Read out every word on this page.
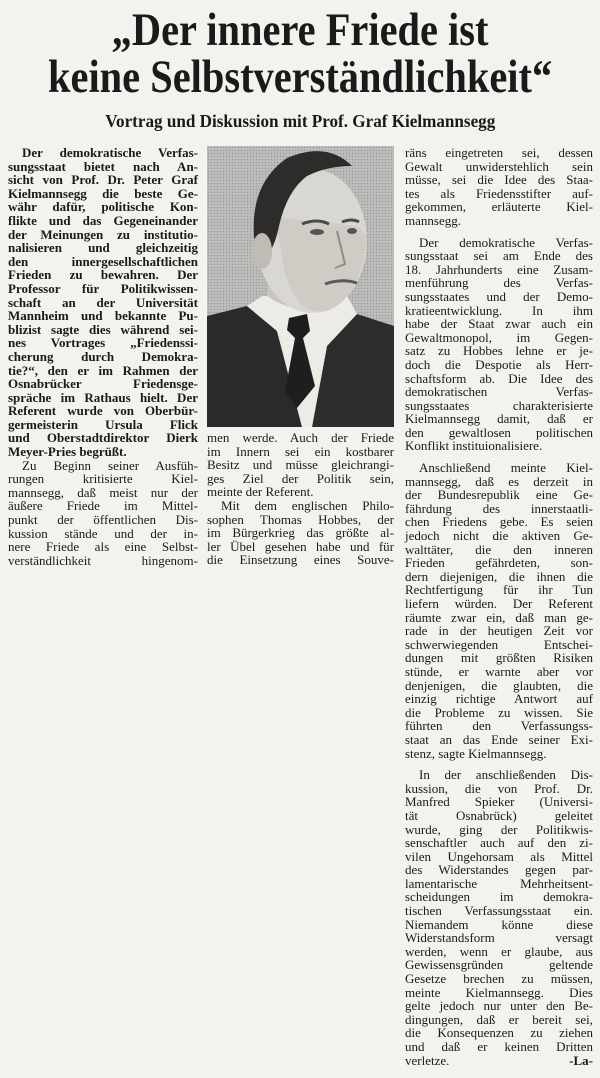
„Der innere Friede ist
keine Selbstverständlichkeit“
Vortrag und Diskussion mit Prof. Graf Kielmannsegg
Der demokratische Verfas-
sungsstaat bietet nach An-
sicht von Prof. Dr. Peter Graf
Kielmannsegg die beste Ge-
währ dafür, politische Kon-
flikte und das Gegeneinander
der Meinungen zu institutio-
nalisieren und gleichzeitig
den innergesellschaftlichen
Frieden zu bewahren. Der
Professor für Politikwissen-
schaft an der Universität
Mannheim und bekannte Pu-
blizist sagte dies während sei-
nes Vortrages „Friedenssi-
cherung durch Demokra-
tie?“, den er im Rahmen der
Osnabrücker Friedensge-
spräche im Rathaus hielt. Der
Referent wurde von Oberbür-
germeisterin Ursula Flick
und Oberstadtdirektor Dierk
Meyer-Pries begrüßt.
Zu Beginn seiner Ausfüh-
rungen kritisierte Kiel-
mannsegg, daß meist nur der
äußere Friede im Mittel-
punkt der öffentlichen Dis-
kussion stände und der in-
nere Friede als eine Selbst-
verständlichkeit hingenom-
men werde. Auch der Friede
im Innern sei ein kostbarer
Besitz und müsse gleichrangi-
ges Ziel der Politik sein,
meinte der Referent.
Mit dem englischen Philo-
sophen Thomas Hobbes, der
im Bürgerkrieg das größte al-
ler Übel gesehen habe und für
die Einsetzung eines Souve-
räns eingetreten sei, dessen
Gewalt unwiderstehlich sein
müsse, sei die Idee des Staa-
tes als Friedensstifter auf-
gekommen, erläuterte Kiel-
mannsegg.
Der demokratische Verfas-
sungsstaat sei am Ende des
18. Jahrhunderts eine Zusam-
menführung des Verfas-
sungsstaates und der Demo-
kratieentwicklung. In ihm
habe der Staat zwar auch ein
Gewaltmonopol, im Gegen-
satz zu Hobbes lehne er je-
doch die Despotie als Herr-
schaftsform ab. Die Idee des
demokratischen Verfas-
sungsstaates charakterisierte
Kielmannsegg damit, daß er
den gewaltlosen politischen
Konflikt instituionalisiere.
Anschließend meinte Kiel-
mannsegg, daß es derzeit in
der Bundesrepublik eine Ge-
fährdung des innerstaatli-
chen Friedens gebe. Es seien
jedoch nicht die aktiven Ge-
walttäter, die den inneren
Frieden gefährdeten, son-
dern diejenigen, die ihnen die
Rechtfertigung für ihr Tun
liefern würden. Der Referent
räumte zwar ein, daß man ge-
rade in der heutigen Zeit vor
schwerwiegenden Entschei-
dungen mit größten Risiken
stünde, er warnte aber vor
denjenigen, die glaubten, die
einzig richtige Antwort auf
die Probleme zu wissen. Sie
führten den Verfassungss-
staat an das Ende seiner Exi-
stenz, sagte Kielmannsegg.
In der anschließenden Dis-
kussion, die von Prof. Dr.
Manfred Spieker (Universi-
tät Osnabrück) geleitet
wurde, ging der Politikwis-
senschaftler auch auf den zi-
vilen Ungehorsam als Mittel
des Widerstandes gegen par-
lamentarische Mehrheitsent-
scheidungen im demokra-
tischen Verfassungsstaat ein.
Niemandem könne diese
Widerstandsform versagt
werden, wenn er glaube, aus
Gewissensgründen geltende
Gesetze brechen zu müssen,
meinte Kielmannsegg. Dies
gelte jedoch nur unter den Be-
dingungen, daß er bereit sei,
die Konsequenzen zu ziehen
und daß er keinen Dritten
verletze.	-La-
